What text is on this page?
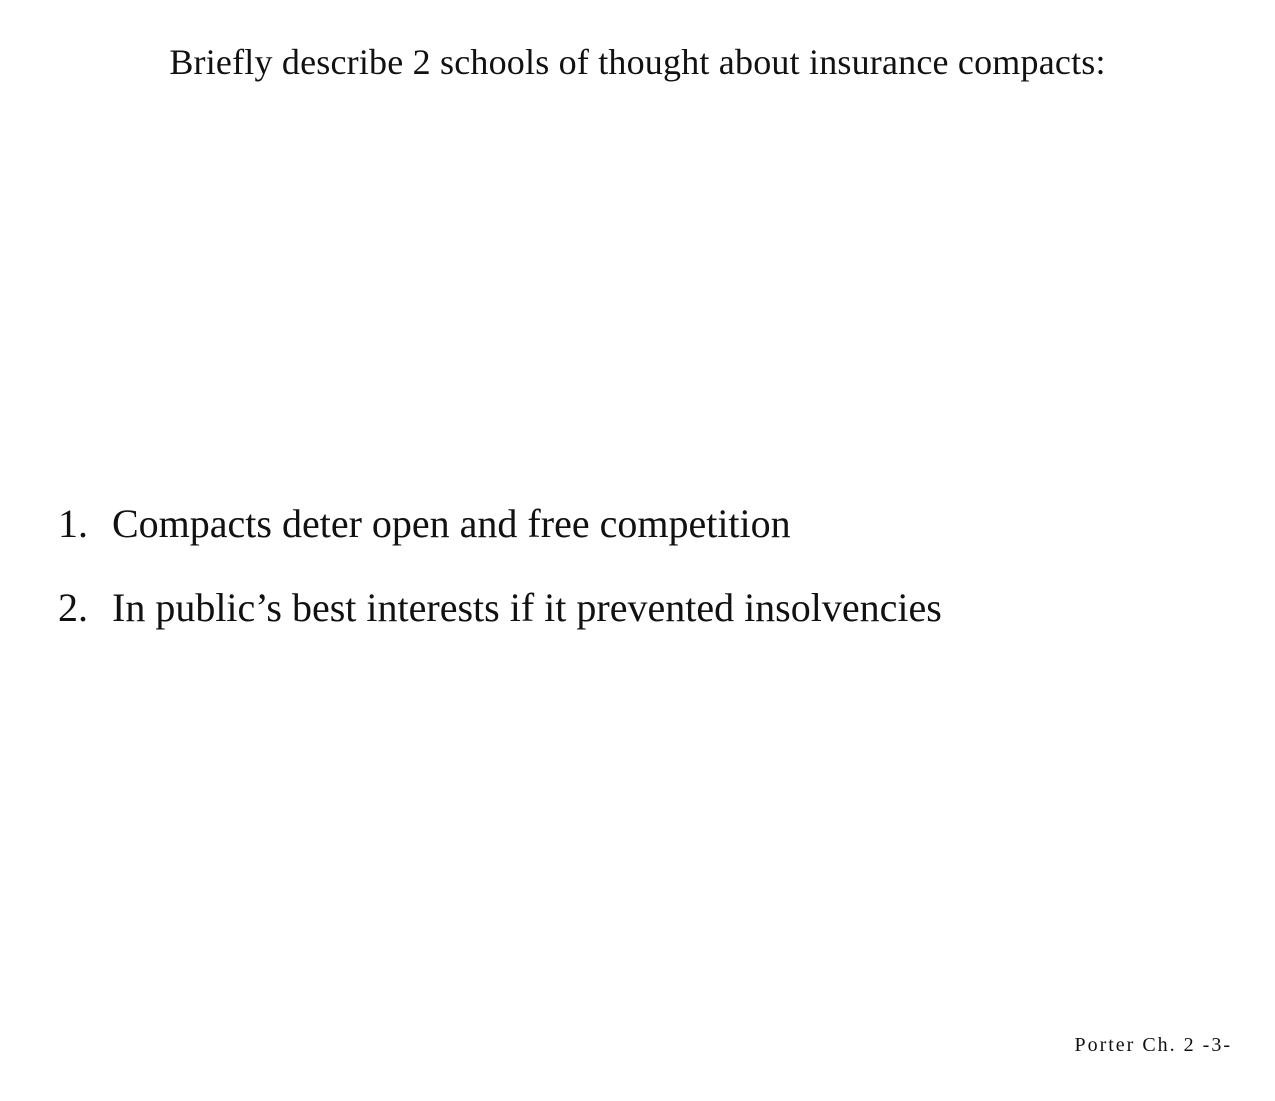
Briefly describe 2 schools of thought about insurance compacts:
1. Compacts deter open and free competition
2. In public’s best interests if it prevented insolvencies
Porter Ch. 2 -3-
